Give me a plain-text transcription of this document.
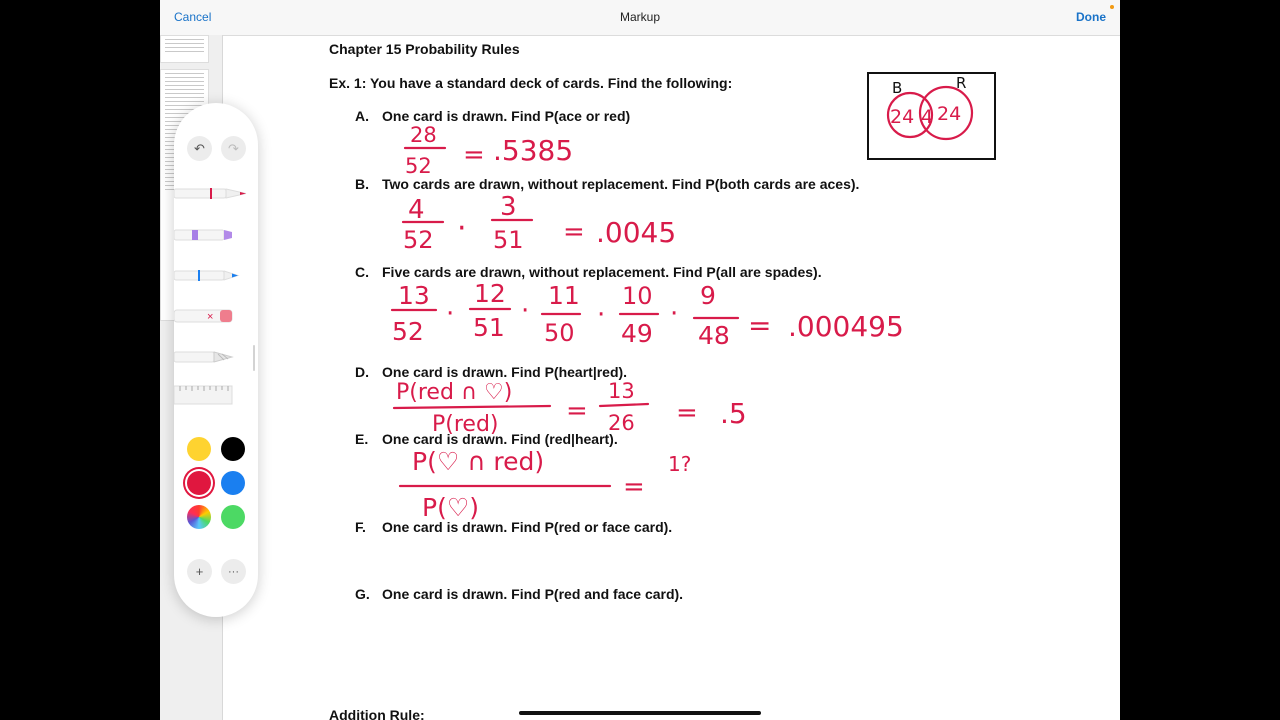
Cancel	Markup	Done
Chapter 15 Probability Rules
Ex. 1: You have a standard deck of cards. Find the following:
A. One card is drawn. Find P(ace or red)
B. Two cards are drawn, without replacement. Find P(both cards are aces).
C. Five cards are drawn, without replacement. Find P(all are spades).
D. One card is drawn. Find P(heart|red).
E. One card is drawn. Find (red|heart).
F. One card is drawn. Find P(red or face card).
G. One card is drawn. Find P(red and face card).
Addition Rule:
B	R
24 4 24
28
52 = .5385
4
52 ·
3
51 = .0045
13
52
·
12
51
·
11
50
·
10
49
·
9
48 = .000495
P(red ∩ ♡)
P(red)	=
13
26 = .5
P(♡ ∩ red)
P(♡)
=
1?
↶	↷
×
+	···
